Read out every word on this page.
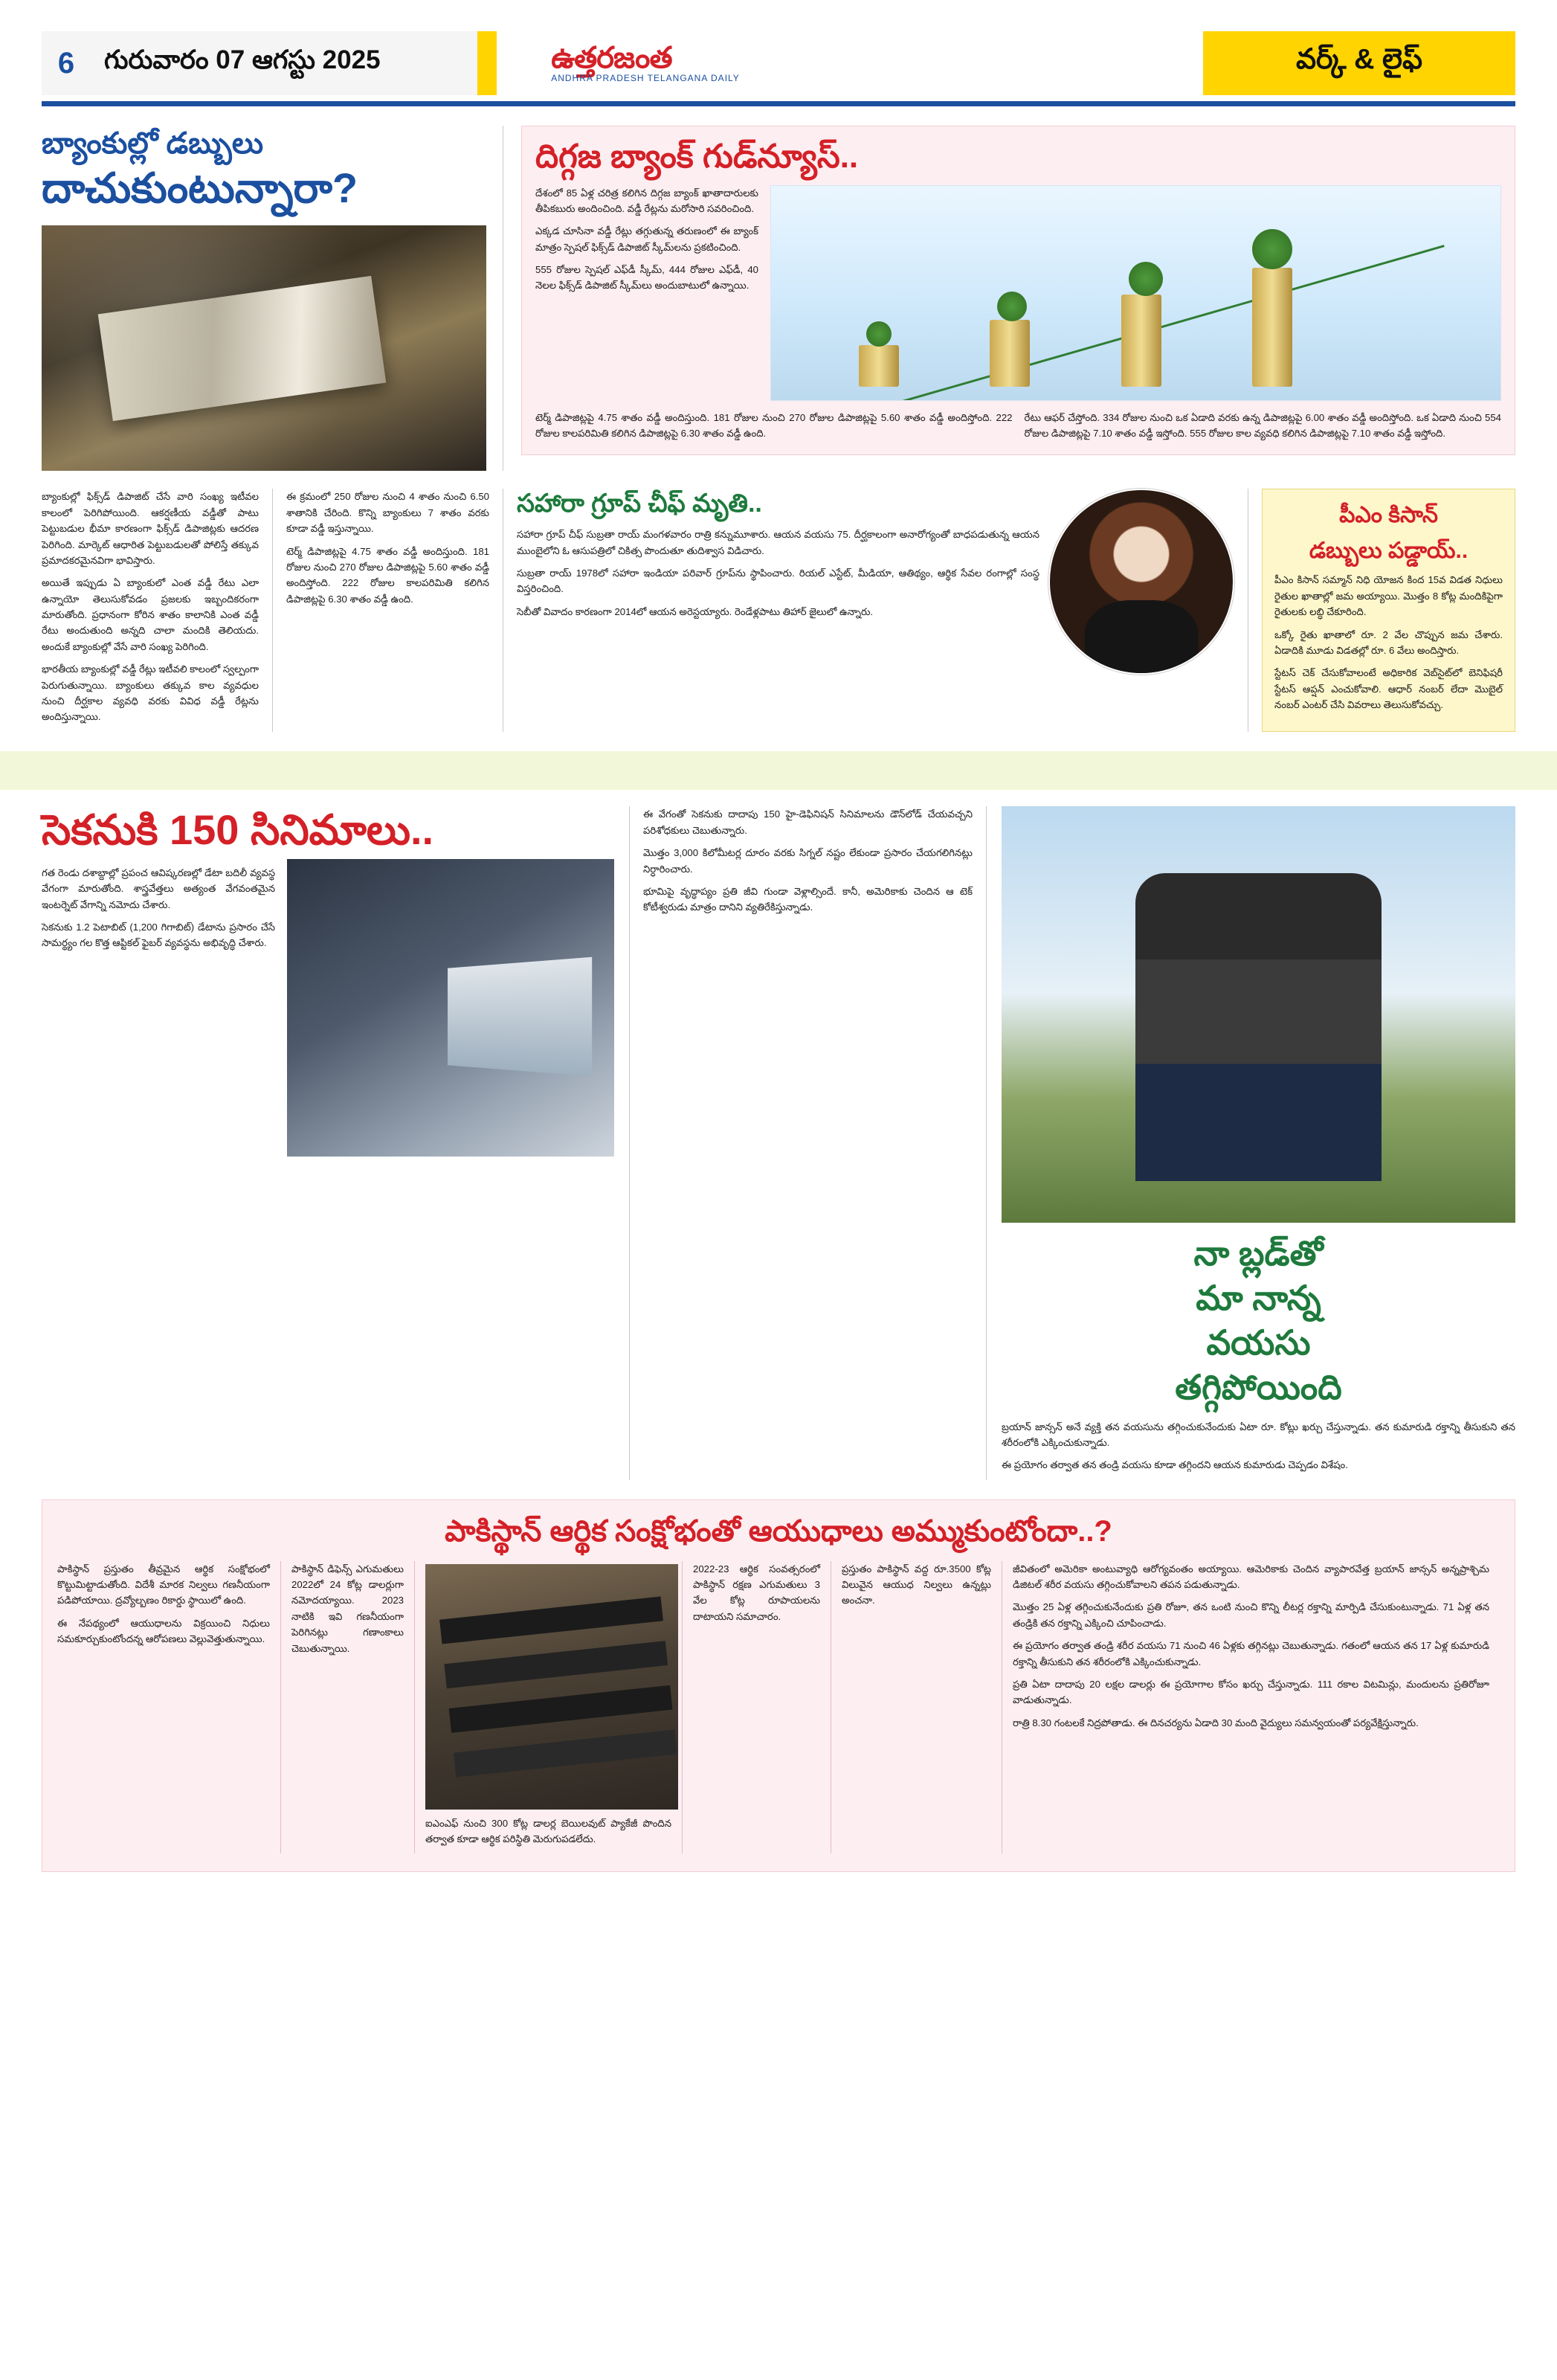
6	గురువారం 07 ఆగస్టు 2025	ఉత్తరజంత
ANDHRA PRADESH TELANGANA DAILY
వర్క్ & లైఫ్
బ్యాంకుల్లో డబ్బులు
దాచుకుంటున్నారా?
దిగ్గజ బ్యాంక్ గుడ్‌న్యూస్..

దేశంలో 85 ఏళ్ల చరిత్ర కలిగిన దిగ్గజ బ్యాంక్ ఖాతాదారులకు తీపికబురు అందించింది. వడ్డీ రేట్లను మరోసారి సవరించింది.

ఎక్కడ చూసినా వడ్డీ రేట్లు తగ్గుతున్న తరుణంలో ఈ బ్యాంక్ మాత్రం స్పెషల్ ఫిక్స్‌డ్ డిపాజిట్ స్కీమ్‌లను ప్రకటించింది.

555 రోజుల స్పెషల్ ఎఫ్‌డీ స్కీమ్, 444 రోజుల ఎఫ్‌డీ, 40 నెలల ఫిక్స్‌డ్ డిపాజిట్ స్కీమ్‌లు అందుబాటులో ఉన్నాయి.

టెర్మ్ డిపాజిట్లపై 4.75 శాతం వడ్డీ అందిస్తుంది. 181 రోజుల నుంచి 270 రోజుల డిపాజిట్లపై 5.60 శాతం వడ్డీ అందిస్తోంది. 222 రోజుల కాలపరిమితి కలిగిన డిపాజిట్లపై 6.30 శాతం వడ్డీ ఉంది.
రేటు ఆఫర్ చేస్తోంది. 334 రోజుల నుంచి ఒక ఏడాది వరకు ఉన్న డిపాజిట్లపై 6.00 శాతం వడ్డీ అందిస్తోంది. ఒక ఏడాది నుంచి 554 రోజుల డిపాజిట్లపై 7.10 శాతం వడ్డీ ఇస్తోంది. 555 రోజుల కాల వ్యవధి కలిగిన డిపాజిట్లపై 7.10 శాతం వడ్డీ ఇస్తోంది.

బ్యాంకుల్లో ఫిక్స్‌డ్ డిపాజిట్ చేసే వారి సంఖ్య ఇటీవల కాలంలో పెరిగిపోయింది. ఆకర్షణీయ వడ్డీతో పాటు పెట్టుబడుల భీమా కారణంగా ఫిక్స్‌డ్ డిపాజిట్లకు ఆదరణ పెరిగింది. మార్కెట్ ఆధారిత పెట్టుబడులతో పోలిస్తే తక్కువ ప్రమాదకరమైనవిగా భావిస్తారు.

అయితే ఇప్పుడు ఏ బ్యాంకులో ఎంత వడ్డీ రేటు ఎలా ఉన్నాయో తెలుసుకోవడం ప్రజలకు ఇబ్బందికరంగా మారుతోంది. ప్రధానంగా కోరిన శాతం కాలానికి ఎంత వడ్డీ రేటు అందుతుంది అన్నది చాలా మందికి తెలియదు. అందుకే బ్యాంకుల్లో వేసే వారి సంఖ్య పెరిగింది.

భారతీయ బ్యాంకుల్లో వడ్డీ రేట్లు ఇటీవలి కాలంలో స్వల్పంగా పెరుగుతున్నాయి. బ్యాంకులు తక్కువ కాల వ్యవధుల నుంచి దీర్ఘకాల వ్యవధి వరకు వివిధ వడ్డీ రేట్లను అందిస్తున్నాయి.

ఈ క్రమంలో 250 రోజుల నుంచి 4 శాతం నుంచి 6.50 శాతానికి చేరింది. కొన్ని బ్యాంకులు 7 శాతం వరకు కూడా వడ్డీ ఇస్తున్నాయి.

టెర్మ్ డిపాజిట్లపై 4.75 శాతం వడ్డీ అందిస్తుంది. 181 రోజుల నుంచి 270 రోజుల డిపాజిట్లపై 5.60 శాతం వడ్డీ అందిస్తోంది. 222 రోజుల కాలపరిమితి కలిగిన డిపాజిట్లపై 6.30 శాతం వడ్డీ ఉంది.

సహారా గ్రూప్ చీఫ్ మృతి..

సహారా గ్రూప్ చీఫ్ సుబ్రతా రాయ్ మంగళవారం రాత్రి కన్నుమూశారు. ఆయన వయసు 75. దీర్ఘకాలంగా అనారోగ్యంతో బాధపడుతున్న ఆయన ముంబైలోని ఓ ఆసుపత్రిలో చికిత్స పొందుతూ తుదిశ్వాస విడిచారు.

సుబ్రతా రాయ్ 1978లో సహారా ఇండియా పరివార్ గ్రూప్‌ను స్థాపించారు. రియల్ ఎస్టేట్, మీడియా, ఆతిథ్యం, ఆర్థిక సేవల రంగాల్లో సంస్థ విస్తరించింది.

సెబీతో వివాదం కారణంగా 2014లో ఆయన అరెస్టయ్యారు. రెండేళ్లపాటు తిహార్ జైలులో ఉన్నారు.

పీఎం కిసాన్
డబ్బులు పడ్డాయ్..

పీఎం కిసాన్ సమ్మాన్ నిధి యోజన కింద 15వ విడత నిధులు రైతుల ఖాతాల్లో జమ అయ్యాయి. మొత్తం 8 కోట్ల మందికిపైగా రైతులకు లబ్ధి చేకూరింది.

ఒక్కో రైతు ఖాతాలో రూ. 2 వేల చొప్పున జమ చేశారు. ఏడాదికి మూడు విడతల్లో రూ. 6 వేలు అందిస్తారు.

స్టేటస్ చెక్ చేసుకోవాలంటే అధికారిక వెబ్‌సైట్‌లో బెనిఫిషరీ స్టేటస్ ఆప్షన్ ఎంచుకోవాలి. ఆధార్ నంబర్ లేదా మొబైల్ నంబర్ ఎంటర్ చేసి వివరాలు తెలుసుకోవచ్చు.

సెకనుకి 150 సినిమాలు..

గత రెండు దశాబ్దాల్లో ప్రపంచ ఆవిష్కరణల్లో డేటా బదిలీ వ్యవస్థ వేగంగా మారుతోంది. శాస్త్రవేత్తలు అత్యంత వేగవంతమైన ఇంటర్నెట్ వేగాన్ని నమోదు చేశారు.

సెకనుకు 1.2 పెటాబిట్ (1,200 గిగాబిట్) డేటాను ప్రసారం చేసే సామర్థ్యం గల కొత్త ఆప్టికల్ ఫైబర్ వ్యవస్థను అభివృద్ధి చేశారు.

ఈ వేగంతో సెకనుకు దాదాపు 150 హై-డెఫినిషన్ సినిమాలను డౌన్‌లోడ్ చేయవచ్చని పరిశోధకులు చెబుతున్నారు.

మొత్తం 3,000 కిలోమీటర్ల దూరం వరకు సిగ్నల్ నష్టం లేకుండా ప్రసారం చేయగలిగినట్లు నిర్ధారించారు.

భూమిపై వృద్ధాప్యం ప్రతి జీవి గుండా వెళ్లాల్సిందే. కానీ, అమెరికాకు చెందిన ఆ టెక్ కోటీశ్వరుడు మాత్రం దానిని వ్యతిరేకిస్తున్నాడు.

నా బ్లడ్‌తో
మా నాన్న
వయసు
తగ్గిపోయింది

బ్రయాన్ జాన్సన్ అనే వ్యక్తి తన వయసును తగ్గించుకునేందుకు ఏటా రూ. కోట్లు ఖర్చు చేస్తున్నాడు. తన కుమారుడి రక్తాన్ని తీసుకుని తన శరీరంలోకి ఎక్కించుకున్నాడు.

ఈ ప్రయోగం తర్వాత తన తండ్రి వయసు కూడా తగ్గిందని ఆయన కుమారుడు చెప్పడం విశేషం.

పాకిస్థాన్ ఆర్థిక సంక్షోభంతో ఆయుధాలు అమ్ముకుంటోందా..?

పాకిస్థాన్ ప్రస్తుతం తీవ్రమైన ఆర్థిక సంక్షోభంలో కొట్టుమిట్టాడుతోంది. విదేశీ మారక నిల్వలు గణనీయంగా పడిపోయాయి. ద్రవ్యోల్బణం రికార్డు స్థాయిలో ఉంది.

ఈ నేపథ్యంలో ఆయుధాలను విక్రయించి నిధులు సమకూర్చుకుంటోందన్న ఆరోపణలు వెల్లువెత్తుతున్నాయి.

పాకిస్థాన్ డిఫెన్స్ ఎగుమతులు 2022లో 24 కోట్ల డాలర్లుగా నమోదయ్యాయి. 2023 నాటికి ఇవి గణనీయంగా పెరిగినట్లు గణాంకాలు చెబుతున్నాయి.

ఐఎంఎఫ్ నుంచి 300 కోట్ల డాలర్ల బెయిలవుట్ ప్యాకేజీ పొందిన తర్వాత కూడా ఆర్థిక పరిస్థితి మెరుగుపడలేదు.

2022-23 ఆర్థిక సంవత్సరంలో పాకిస్థాన్ రక్షణ ఎగుమతులు 3 వేల కోట్ల రూపాయలను దాటాయని సమాచారం.

ప్రస్తుతం పాకిస్థాన్ వద్ద రూ.3500 కోట్ల విలువైన ఆయుధ నిల్వలు ఉన్నట్లు అంచనా.

జీవితంలో అమెరికా అంటువ్యాధి ఆరోగ్యవంతం అయ్యాయి. ఆమెరికాకు చెందిన వ్యాపారవేత్త బ్రయాన్ జాన్సన్ అన్నప్రాశ్చిమ డిజిటల్ శరీర వయసు తగ్గించుకోవాలని తపన పడుతున్నాడు.

మొత్తం 25 ఏళ్ల తగ్గించుకునేందుకు ప్రతి రోజూ, తన ఒంటి నుంచి కొన్ని లీటర్ల రక్తాన్ని మార్పిడి చేసుకుంటున్నాడు. 71 ఏళ్ల తన తండ్రికి తన రక్తాన్ని ఎక్కించి చూపించాడు.

ఈ ప్రయోగం తర్వాత తండ్రి శరీర వయసు 71 నుంచి 46 ఏళ్లకు తగ్గినట్లు చెబుతున్నాడు. గతంలో ఆయన తన 17 ఏళ్ల కుమారుడి రక్తాన్ని తీసుకుని తన శరీరంలోకి ఎక్కించుకున్నాడు.

ప్రతి ఏటా దాదాపు 20 లక్షల డాలర్లు ఈ ప్రయోగాల కోసం ఖర్చు చేస్తున్నాడు. 111 రకాల విటమిన్లు, మందులను ప్రతిరోజూ వాడుతున్నాడు.

రాత్రి 8.30 గంటలకే నిద్రపోతాడు. ఈ దినచర్యను ఏడాది 30 మంది వైద్యులు సమన్వయంతో పర్యవేక్షిస్తున్నారు.
